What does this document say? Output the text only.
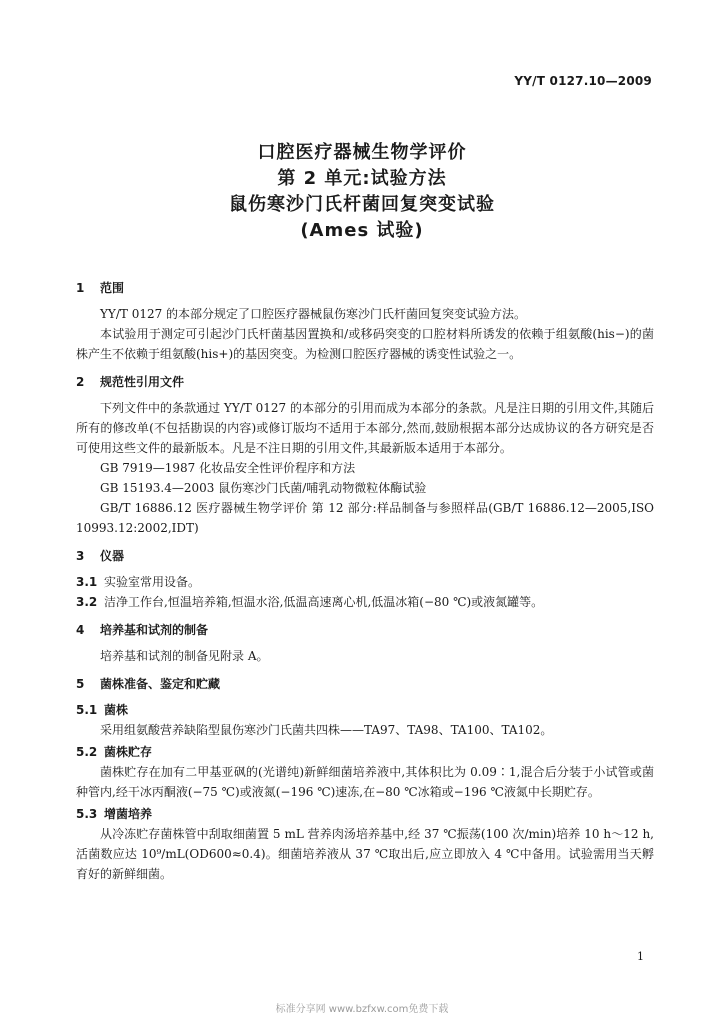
YY/T 0127.10—2009
口腔医疗器械生物学评价
第 2 单元:试验方法
鼠伤寒沙门氏杆菌回复突变试验
(Ames 试验)
1 范围

YY/T 0127 的本部分规定了口腔医疗器械鼠伤寒沙门氏杆菌回复突变试验方法。

本试验用于测定可引起沙门氏杆菌基因置换和/或移码突变的口腔材料所诱发的依赖于组氨酸(his−)的菌株产生不依赖于组氨酸(his+)的基因突变。为检测口腔医疗器械的诱变性试验之一。

2 规范性引用文件

下列文件中的条款通过 YY/T 0127 的本部分的引用而成为本部分的条款。凡是注日期的引用文件,其随后所有的修改单(不包括勘误的内容)或修订版均不适用于本部分,然而,鼓励根据本部分达成协议的各方研究是否可使用这些文件的最新版本。凡是不注日期的引用文件,其最新版本适用于本部分。

GB 7919—1987 化妆品安全性评价程序和方法

GB 15193.4—2003 鼠伤寒沙门氏菌/哺乳动物微粒体酶试验

GB/T 16886.12 医疗器械生物学评价 第 12 部分:样品制备与参照样品(GB/T 16886.12—2005,ISO 10993.12:2002,IDT)

3 仪器
3.1 实验室常用设备。
3.2 洁净工作台,恒温培养箱,恒温水浴,低温高速离心机,低温冰箱(−80 ℃)或液氮罐等。
4 培养基和试剂的制备

培养基和试剂的制备见附录 A。

5 菌株准备、鉴定和贮藏
5.1 菌株

采用组氨酸营养缺陷型鼠伤寒沙门氏菌共四株——TA97、TA98、TA100、TA102。

5.2 菌株贮存

菌株贮存在加有二甲基亚砜的(光谱纯)新鲜细菌培养液中,其体积比为 0.09∶1,混合后分装于小试管或菌种管内,经干冰丙酮液(−75 ℃)或液氮(−196 ℃)速冻,在−80 ℃冰箱或−196 ℃液氮中长期贮存。

5.3 增菌培养

从冷冻贮存菌株管中刮取细菌置 5 mL 营养肉汤培养基中,经 37 ℃振荡(100 次/min)培养 10 h～12 h,活菌数应达 10⁹/mL(OD600≈0.4)。细菌培养液从 37 ℃取出后,应立即放入 4 ℃中备用。试验需用当天孵育好的新鲜细菌。

1
标准分享网 www.bzfxw.com免费下载
